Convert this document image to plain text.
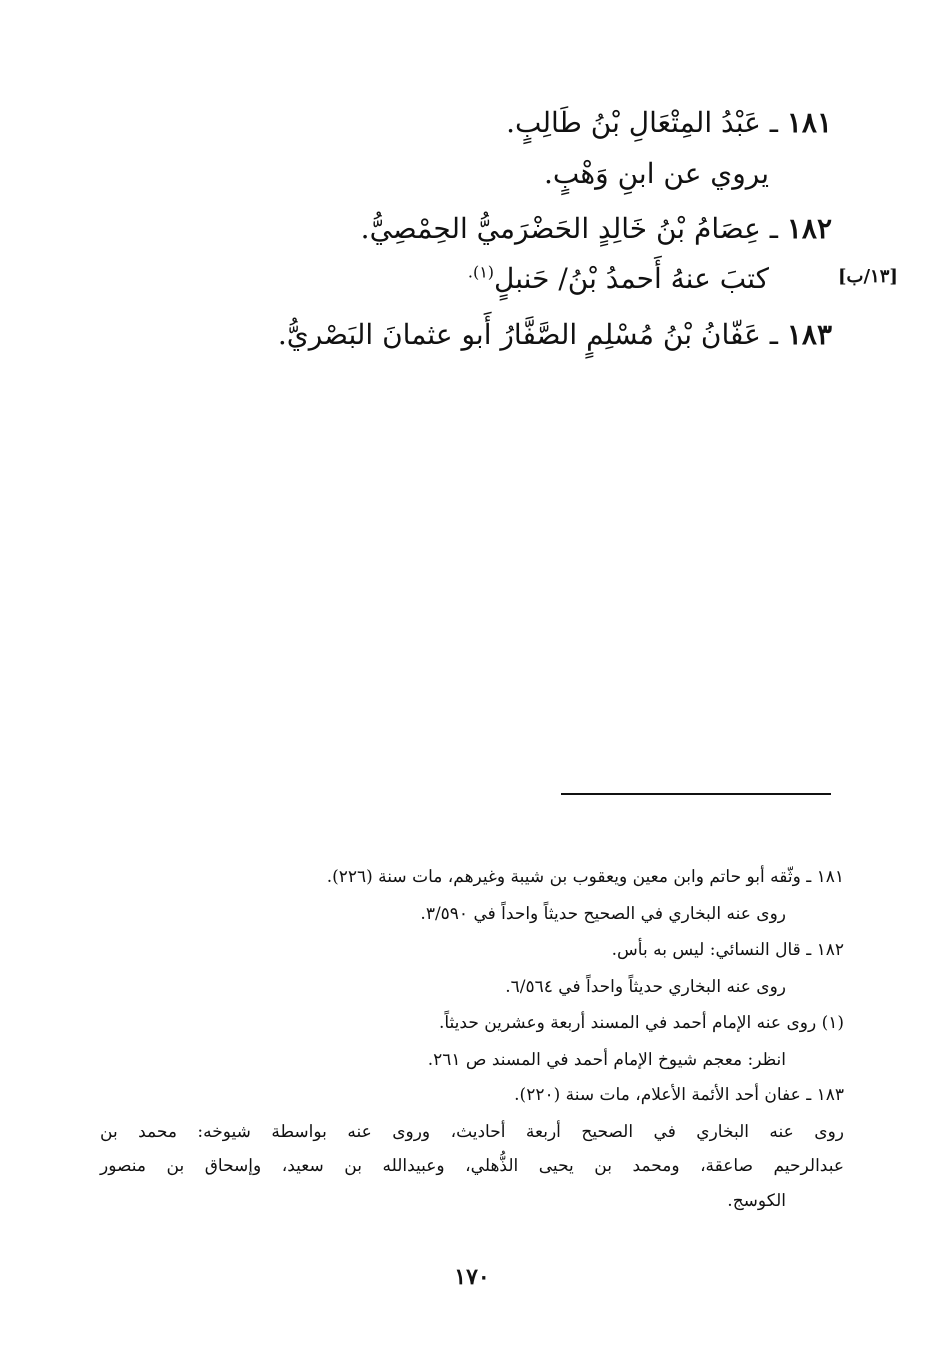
١٨١ ـ عَبْدُ المِتْعَالِ بْنُ طَالِبٍ.
يروي عن ابنِ وَهْبٍ.
١٨٢ ـ عِصَامُ بْنُ خَالِدٍ الحَضْرَميُّ الحِمْصِيُّ.
كتبَ عنهُ أَحمدُ بْنُ/ حَنبلٍ$^{(١).}$	[١٣/ب]
١٨٣ ـ عَفّانُ بْنُ مُسْلِمٍ الصَّفَّارُ أَبو عثمانَ البَصْريُّ.
١٨١ ـ وثّقه أبو حاتم وابن معين ويعقوب بن شيبة وغيرهم، مات سنة (٢٢٦).
روى عنه البخاري في الصحيح حديثاً واحداً في ٣/٥٩٠.
١٨٢ ـ قال النسائي: ليس به بأس.
روى عنه البخاري حديثاً واحداً في ٦/٥٦٤.
(١) روى عنه الإمام أحمد في المسند أربعة وعشرين حديثاً.
انظر: معجم شيوخ الإمام أحمد في المسند ص ٢٦١.
١٨٣ ـ عفان أحد الأئمة الأعلام، مات سنة (٢٢٠).
روى عنه البخاري في الصحيح أربعة أحاديث، وروى عنه بواسطة شيوخه: محمد بن
عبدالرحيم صاعقة، ومحمد بن يحيى الذُّهلي، وعبيدالله بن سعيد، وإسحاق بن منصور
الكوسج.
١٧٠
